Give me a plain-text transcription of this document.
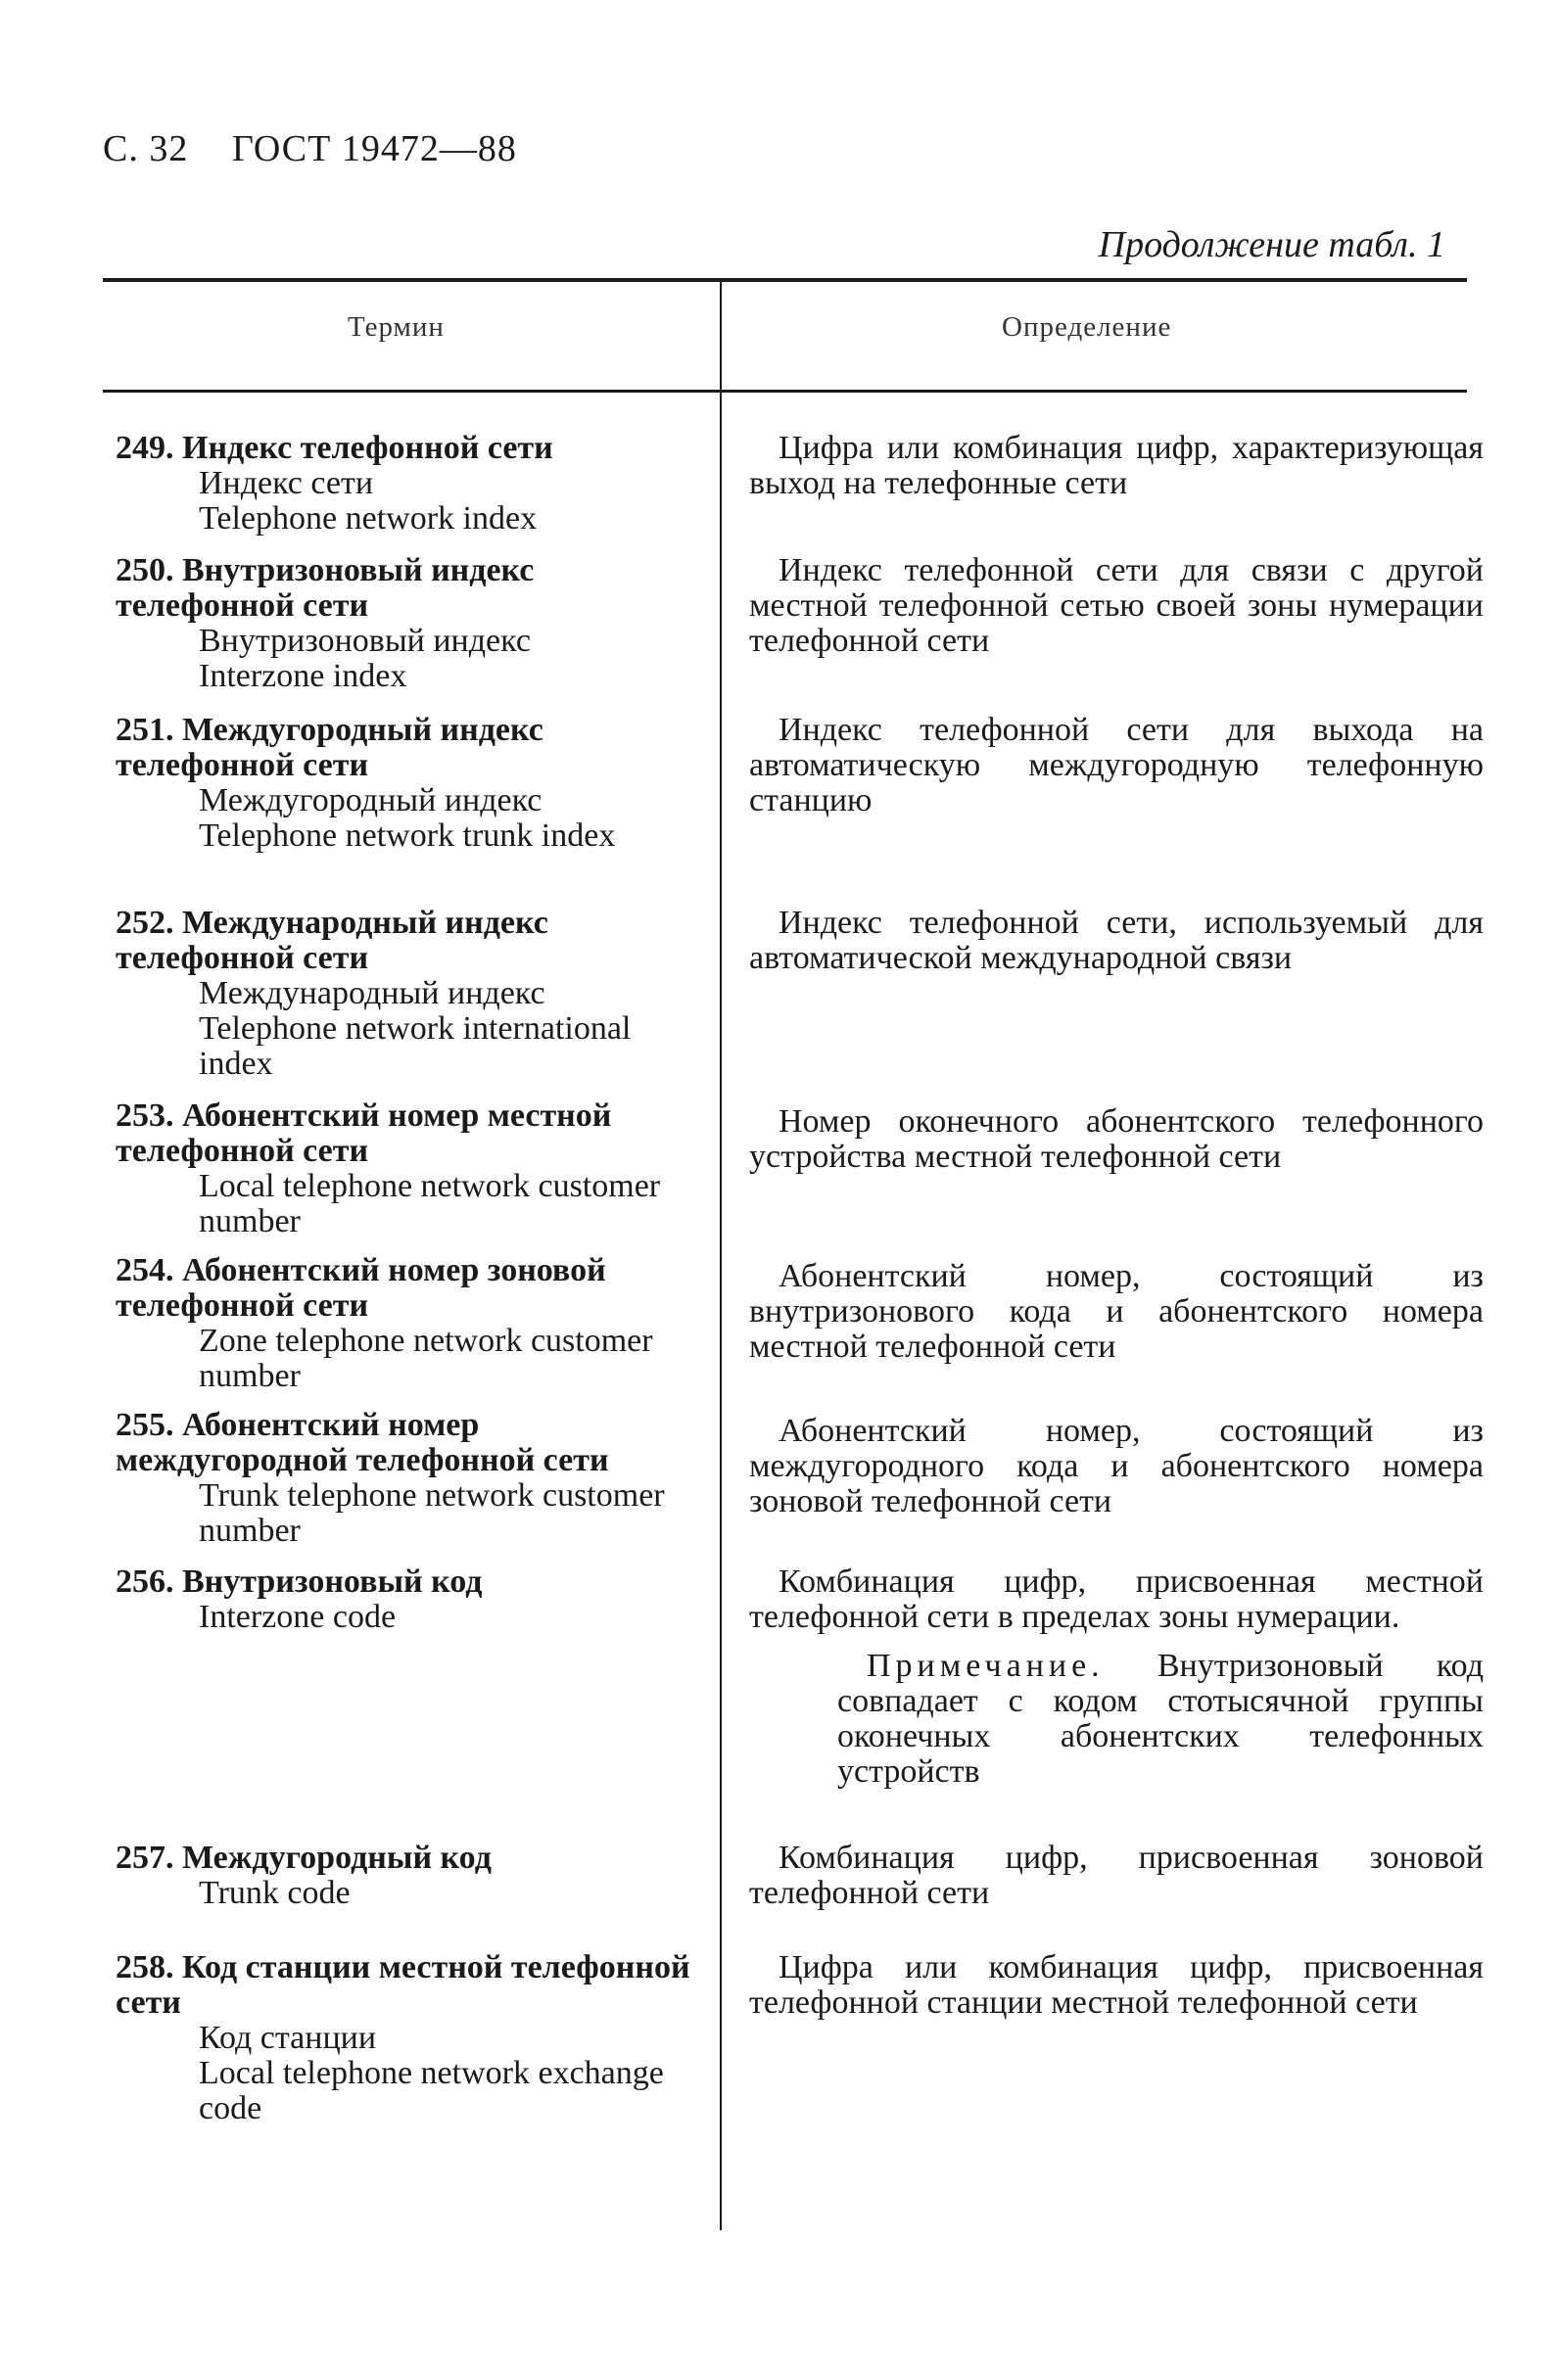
С. 32 ГОСТ 19472—88
Продолжение табл. 1
Термин	Определение
249. Индекс телефонной сети
Индекс сети
Telephone network index
Цифра или комбинация цифр, характеризующая выход на телефонные сети
250. Внутризоновый индекс телефонной сети
Внутризоновый индекс
Interzone index
Индекс телефонной сети для связи с другой местной телефонной сетью своей зоны нумерации телефонной сети
251. Междугородный индекс телефонной сети
Междугородный индекс
Telephone network trunk index
Индекс телефонной сети для выхода на автоматическую междугородную телефонную станцию
252. Международный индекс телефонной сети
Международный индекс
Telephone network international index
Индекс телефонной сети, используемый для автоматической международной связи
253. Абонентский номер местной телефонной сети
Local telephone network customer number
Номер оконечного абонентского телефонного устройства местной телефонной сети
254. Абонентский номер зоновой телефонной сети
Zone telephone network customer number
Абонентский номер, состоящий из внутризонового кода и абонентского номера местной телефонной сети
255. Абонентский номер междугородной телефонной сети
Trunk telephone network customer number
Абонентский номер, состоящий из междугородного кода и абонентского номера зоновой телефонной сети
256. Внутризоновый код
Interzone code
Комбинация цифр, присвоенная местной телефонной сети в пределах зоны нумерации.
Примечание. Внутризоновый код совпадает с кодом стотысячной группы оконечных абонентских телефонных устройств
257. Междугородный код
Trunk code
Комбинация цифр, присвоенная зоновой телефонной сети
258. Код станции местной телефонной сети
Код станции
Local telephone network exchange code
Цифра или комбинация цифр, присвоенная телефонной станции местной телефонной сети
